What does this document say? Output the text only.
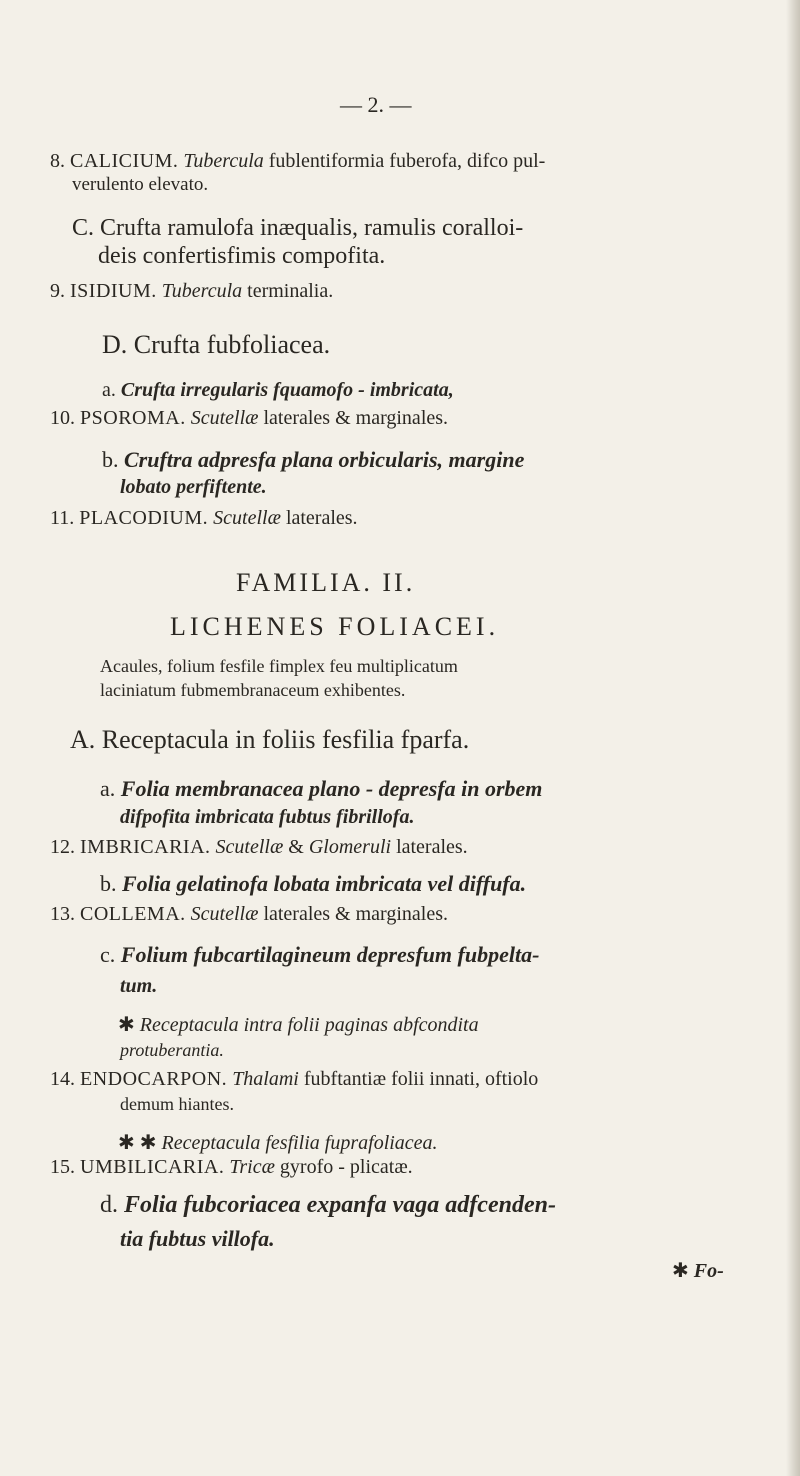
— 2. —
8. CALICIUM. Tubercula fublentiformia fuberofa, difco pul-
verulento elevato.
C. Crufta ramulofa inæqualis, ramulis coralloi-
deis confertisfimis compofita.
9. ISIDIUM. Tubercula terminalia.
D. Crufta fubfoliacea.
a. Crufta irregularis fquamofo - imbricata,
10. PSOROMA. Scutellæ laterales & marginales.
b. Cruftra adpresfa plana orbicularis, margine
lobato perfiftente.
11. PLACODIUM. Scutellæ laterales.
FAMILIA. II.
LICHENES FOLIACEI.
Acaules, folium fesfile fimplex feu multiplicatum
laciniatum fubmembranaceum exhibentes.
A. Receptacula in foliis fesfilia fparfa.
a. Folia membranacea plano - depresfa in orbem
difpofita imbricata fubtus fibrillofa.
12. IMBRICARIA. Scutellæ & Glomeruli laterales.
b. Folia gelatinofa lobata imbricata vel diffufa.
13. COLLEMA. Scutellæ laterales & marginales.
c. Folium fubcartilagineum depresfum fubpelta-
tum.
✱ Receptacula intra folii paginas abfcondita
protuberantia.
14. ENDOCARPON. Thalami fubftantiæ folii innati, oftiolo
demum hiantes.
✱ ✱ Receptacula fesfilia fuprafoliacea.
15. UMBILICARIA. Tricæ gyrofo - plicatæ.
d. Folia fubcoriacea expanfa vaga adfcenden-
tia fubtus villofa.
✱ Fo-
